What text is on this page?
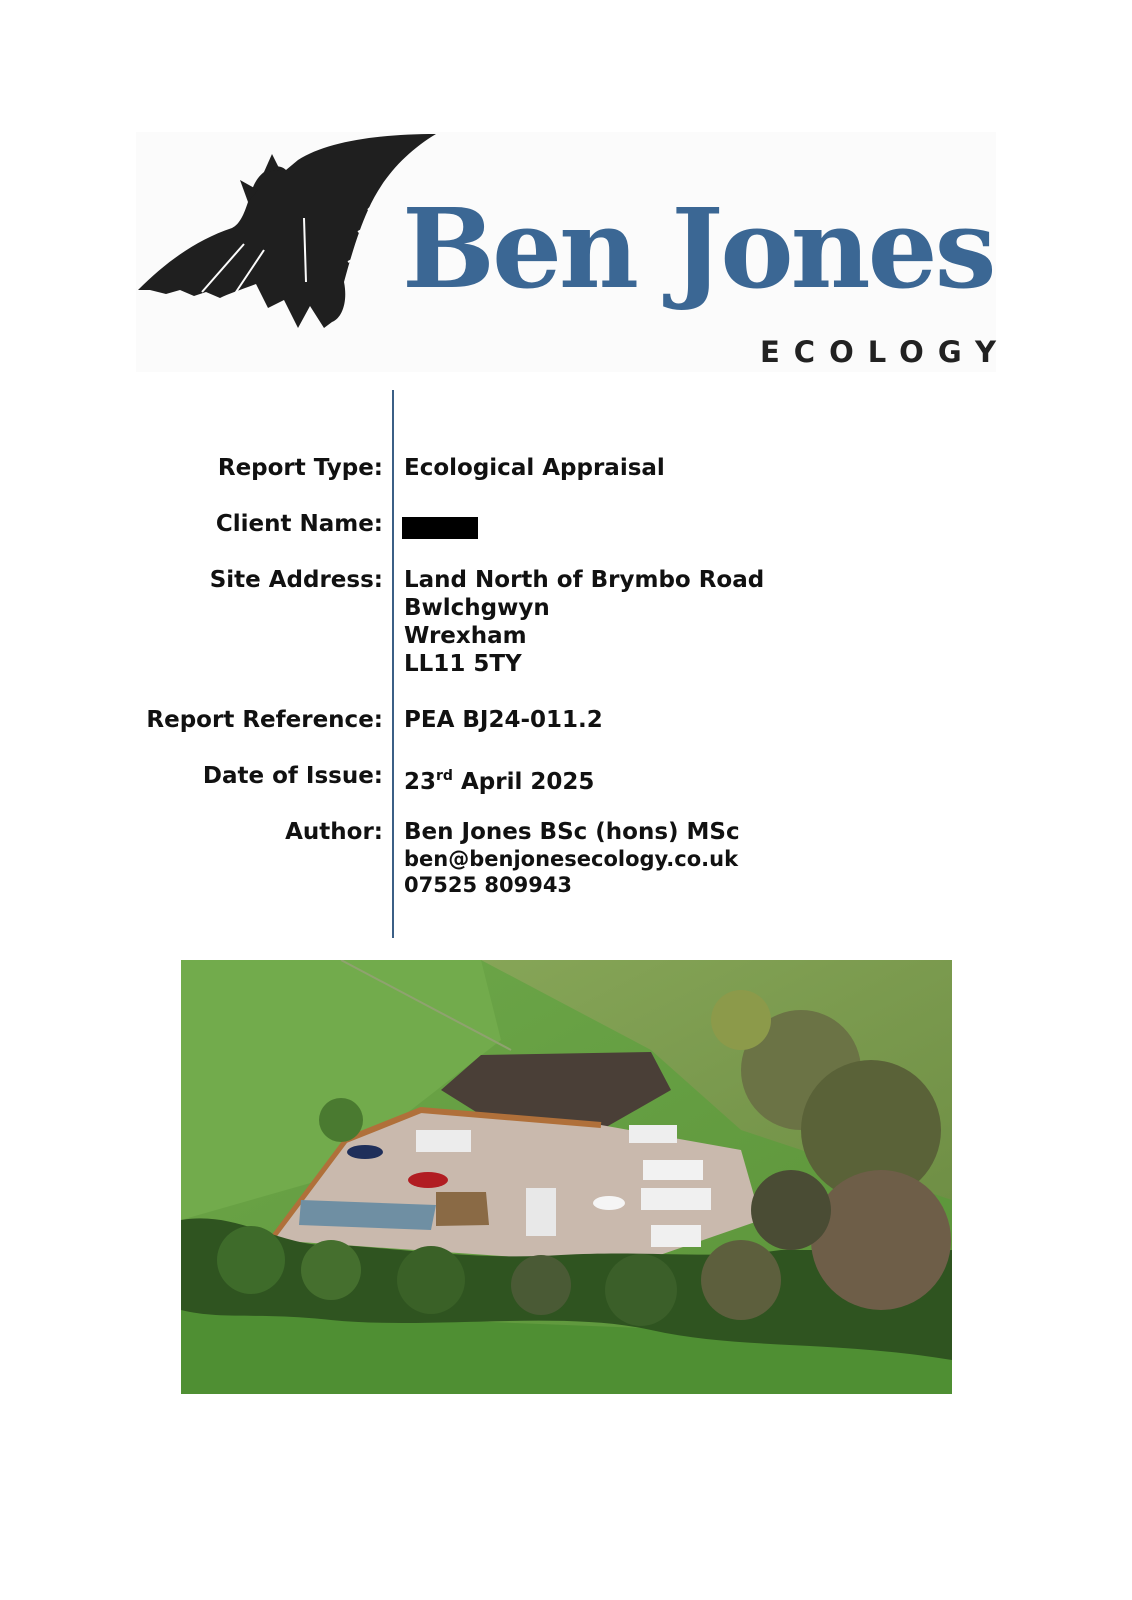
Ben Jones
ECOLOGY
Report Type:
Client Name:
Site Address:
Report Reference:
Date of Issue:
Author:
Ecological Appraisal
Land North of Brymbo Road
Bwlchgwyn
Wrexham
LL11 5TY
PEA BJ24-011.2
23rd April 2025
Ben Jones BSc (hons) MSc
ben@benjonesecology.co.uk
07525 809943
